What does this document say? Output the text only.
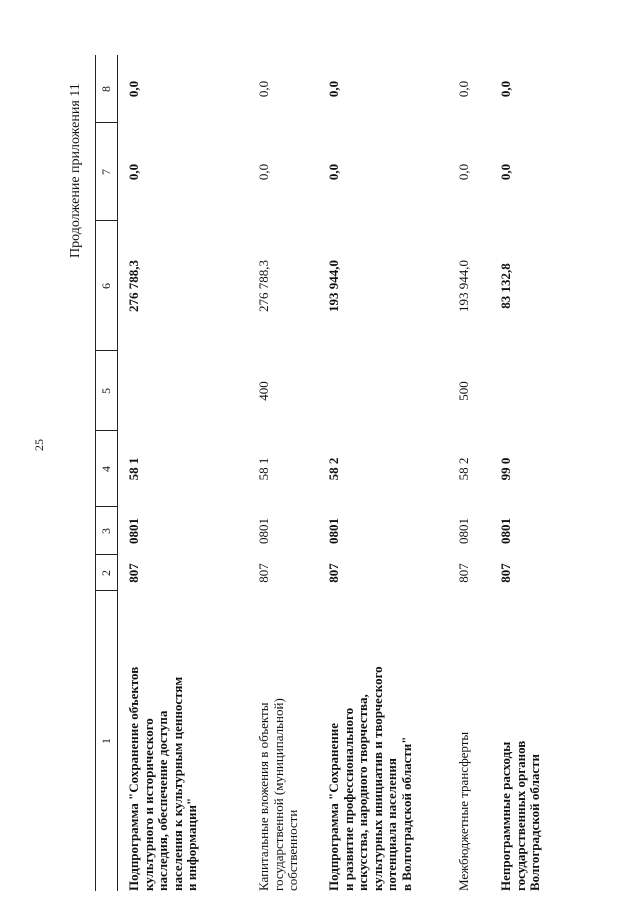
25
Продолжение приложения 11
1
2
3
4
5
6
7
8
Подпрограмма "Сохранение объектов культурного и исторического наследия, обеспечение доступа населения к культурным ценностям и информации"
807
0801
58 1
276 788,3
0,0
0,0
Капитальные вложения в объекты государственной (муниципальной) собственности
807
0801
58 1
400
276 788,3
0,0
0,0
Подпрограмма "Сохранение и развитие профессионального искусства, народного творчества, культурных инициатив и творческого потенциала населения в Волгоградской области"
807
0801
58 2
193 944,0
0,0
0,0
Межбюджетные трансферты
807
0801
58 2
500
193 944,0
0,0
0,0
Непрограммные расходы государственных органов Волгоградской области
807
0801
99 0
83 132,8
0,0
0,0
